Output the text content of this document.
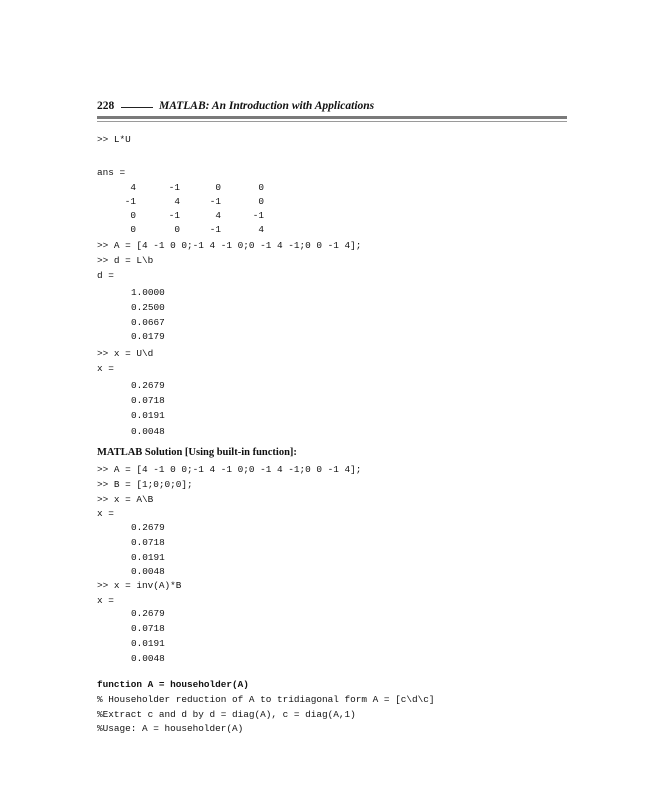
228	MATLAB: An Introduction with Applications
>> L*U
ans =
4	-1	0	0
-1	4	-1	0
0	-1	4	-1
0	0	-1	4
>> A = [4 -1 0 0;-1 4 -1 0;0 -1 4 -1;0 0 -1 4];
>> d = L\b
d =
1.0000
0.2500
0.0667
0.0179
>> x = U\d
x =
0.2679
0.0718
0.0191
0.0048
MATLAB Solution [Using built-in function]:
>> A = [4 -1 0 0;-1 4 -1 0;0 -1 4 -1;0 0 -1 4];
>> B = [1;0;0;0];
>> x = A\B
x =
0.2679
0.0718
0.0191
0.0048
>> x = inv(A)*B
x =
0.2679
0.0718
0.0191
0.0048
function A = householder(A)
% Householder reduction of A to tridiagonal form A = [c\d\c]
%Extract c and d by d = diag(A), c = diag(A,1)
%Usage: A = householder(A)
